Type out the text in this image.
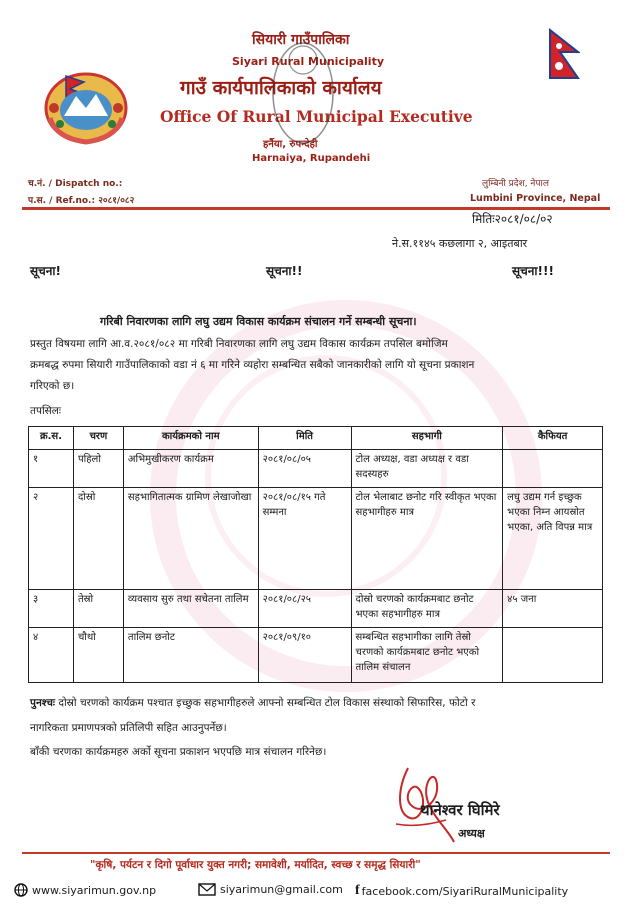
सियारी गाउँपालिका
Siyari Rural Municipality
गाउँ कार्यपालिकाको कार्यालय
Office Of Rural Municipal Executive
हर्नैया, रुपन्देही
Harnaiya, Rupandehi
च.नं. / Dispatch no.:
प.स. / Ref.no.: २०८१/०८२
लुम्बिनी प्रदेश, नेपाल
Lumbini Province, Nepal
मितिः२०८१/०८/०२
ने.स.११४५ कछलागा २, आइतबार
सूचना!	सूचना!!	सूचना!!!
गरिबी निवारणका लागि लघु उद्यम विकास कार्यक्रम संचालन गर्ने सम्बन्धी सूचना।
प्रस्तुत विषयमा लागि आ.व.२०८१/०८२ मा गरिबी निवारणका लागि लघु उद्यम विकास कार्यक्रम तपसिल बमोजिम
क्रमबद्ध रुपमा सियारी गाउँपालिकाको वडा नं ६ मा गरिने व्यहोरा सम्बन्धित सबैको जानकारीको लागि यो सूचना प्रकाशन
गरिएको छ।
तपसिलः
क्र.स.	चरण	कार्यक्रमको नाम	मिति	सहभागी	कैफियत
१	पहिलो	अभिमुखीकरण कार्यक्रम	२०८१/०८/०५	टोल अध्यक्ष, वडा अध्यक्ष र वडा सदस्यहरु	
२	दोस्रो	सहभागितात्मक ग्रामिण लेखाजोखा	२०८१/०८/१५ गते सम्मना	टोल भेलाबाट छनोट गरि स्वीकृत भएका सहभागीहरु मात्र	लघु उद्यम गर्न इच्छुक भएका निम्न आयस्रोत भएका, अति विपन्न मात्र
३	तेस्रो	व्यवसाय सुरु तथा सचेतना तालिम	२०८१/०८/२५	दोस्रो चरणको कार्यक्रमबाट छनोट भएका सहभागीहरु मात्र	४५ जना
४	चौथो	तालिम छनोट	२०८१/०९/१०	सम्बन्धित सहभागीका लागि तेस्रो चरणको कार्यक्रमबाट छनोट भएको तालिम संचालन	
पुनश्चः दोस्रो चरणको कार्यक्रम पश्चात इच्छुक सहभागीहरुले आफ्नो सम्बन्धित टोल विकास संस्थाको सिफारिस, फोटो र
नागरिकता प्रमाणपत्रको प्रतिलिपी सहित आउनुपर्नेछ।
बाँकी चरणका कार्यक्रमहरु अर्को सूचना प्रकाशन भएपछि मात्र संचालन गरिनेछ।
थानेश्वर घिमिरे
अध्यक्ष
"कृषि, पर्यटन र दिगो पूर्वाधार युक्त नगरी; समावेशी, मर्यादित, स्वच्छ र समृद्ध सियारी"
www.siyarimun.gov.np	siyarimun@gmail.com f facebook.com/SiyariRuralMunicipality
